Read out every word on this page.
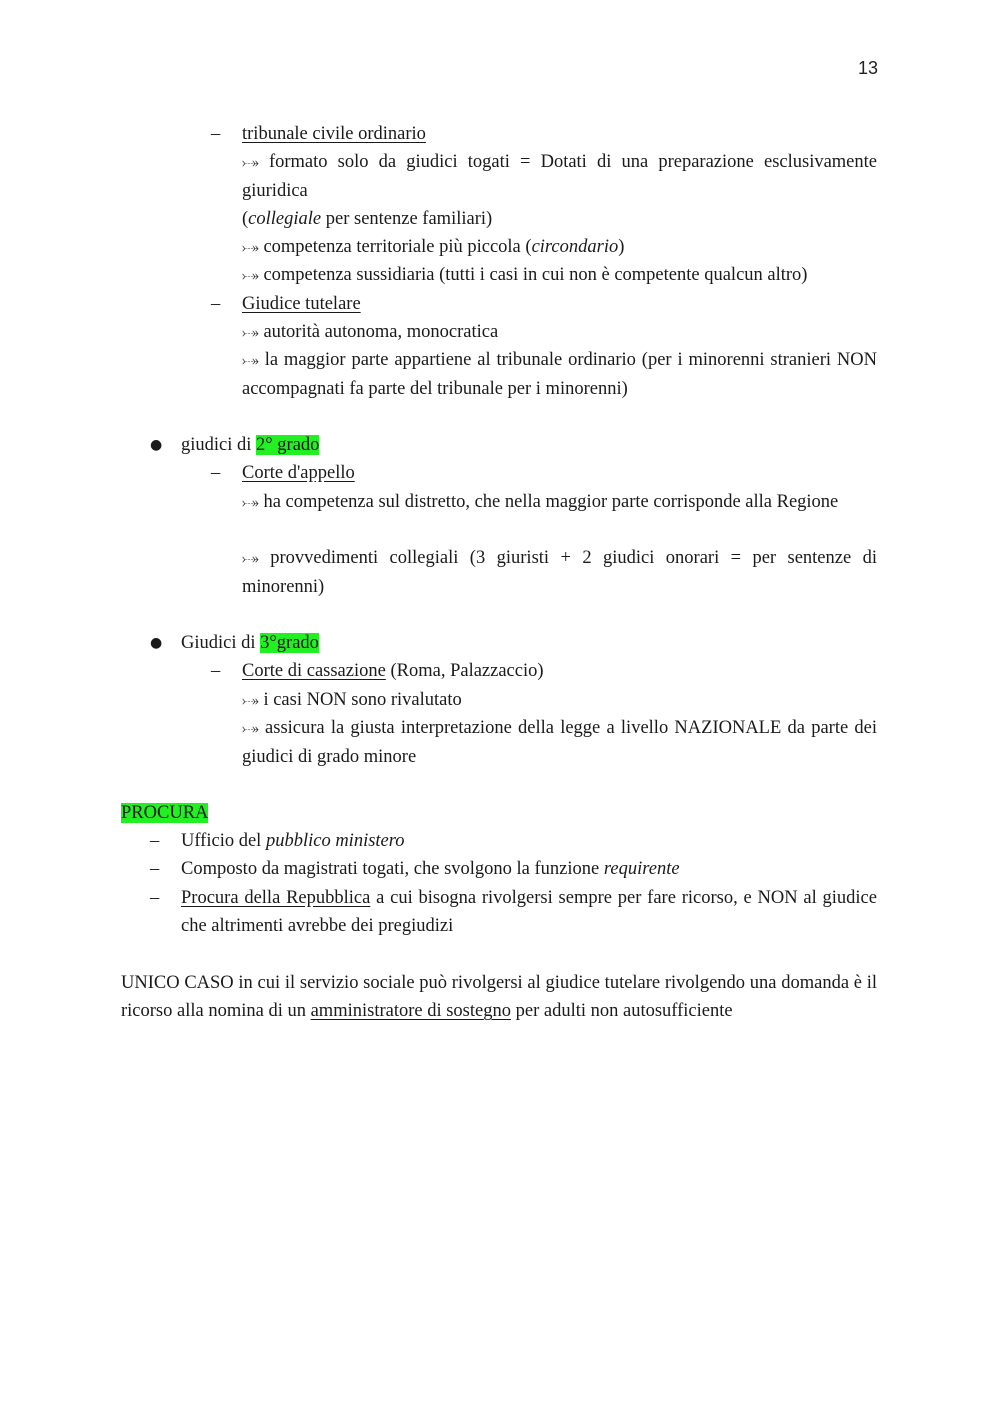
13
– tribunale civile ordinario
⤐ formato solo da giudici togati = Dotati di una preparazione esclusivamente giuridica
(collegiale per sentenze familiari)
⤐ competenza territoriale più piccola (circondario)
⤐ competenza sussidiaria (tutti i casi in cui non è competente qualcun altro)
– Giudice tutelare
⤐ autorità autonoma, monocratica
⤐ la maggior parte appartiene al tribunale ordinario (per i minorenni stranieri NON accompagnati fa parte del tribunale per i minorenni)
● giudici di 2° grado
– Corte d'appello
⤐ ha competenza sul distretto, che nella maggior parte corrisponde alla Regione
⤐ provvedimenti collegiali (3 giuristi + 2 giudici onorari = per sentenze di minorenni)
● Giudici di 3°grado
– Corte di cassazione (Roma, Palazzaccio)
⤐ i casi NON sono rivalutato
⤐ assicura la giusta interpretazione della legge a livello NAZIONALE da parte dei giudici di grado minore
PROCURA
– Ufficio del pubblico ministero
– Composto da magistrati togati, che svolgono la funzione requirente
– Procura della Repubblica a cui bisogna rivolgersi sempre per fare ricorso, e NON al giudice che altrimenti avrebbe dei pregiudizi
UNICO CASO in cui il servizio sociale può rivolgersi al giudice tutelare rivolgendo una domanda è il ricorso alla nomina di un amministratore di sostegno per adulti non autosufficiente
